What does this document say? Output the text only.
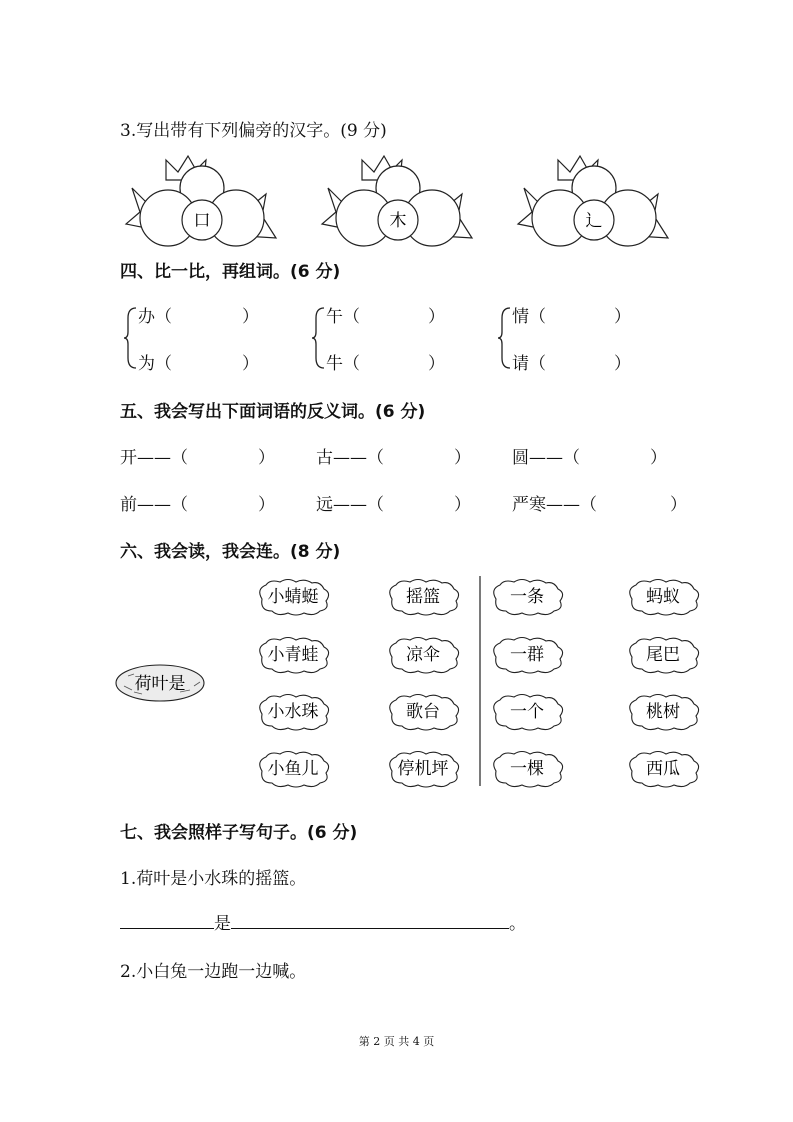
3.写出带有下列偏旁的汉字。(9 分)
口	木	辶
四、比一比，再组词。(6 分)
办（	）
为（	）
午（	）
牛（	）
情（	）
请（	）
五、我会写出下面词语的反义词。(6 分)
开——（	） 古——（	） 圆——（	）
前——（	） 远——（	） 严寒——（	）
六、我会读，我会连。(8 分)
荷叶是
小蜻蜓
小青蛙
小水珠
小鱼儿
摇篮
凉伞
歌台
停机坪
一条
一群
一个
一棵
蚂蚁
尾巴
桃树
西瓜
七、我会照样子写句子。(6 分)
1.荷叶是小水珠的摇篮。
是	。
2.小白兔一边跑一边喊。
第 2 页 共 4 页
